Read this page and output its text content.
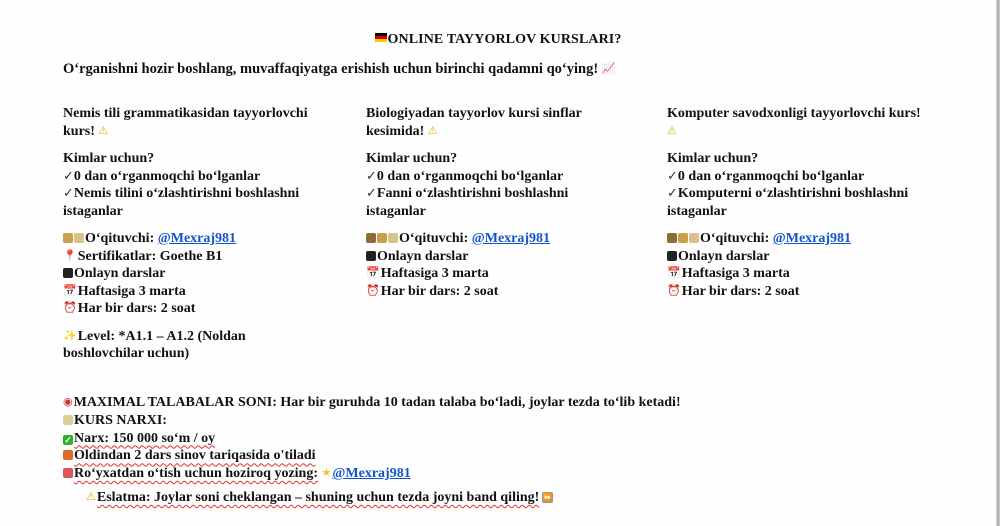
ONLINE TAYYORLOV KURSLARI?
O‘rganishni hozir boshlang, muvaffaqiyatga erishish uchun birinchi qadamni qo‘ying! 📈

Nemis tili grammatikasidan tayyorlovchi kurs! ⚠

Kimlar uchun?

✓0 dan o‘rganmoqchi bo‘lganlar

✓Nemis tilini o‘zlashtirishni boshlashni istaganlar

O‘qituvchi: @Mexraj981

📍Sertifikatlar: Goethe B1

Onlayn darslar

📅Haftasiga 3 marta

⏰Har bir dars: 2 soat

✨Level: *A1.1 – A1.2 (Noldan boshlovchilar uchun)

Biologiyadan tayyorlov kursi sinflar kesimida! ⚠

Kimlar uchun?

✓0 dan o‘rganmoqchi bo‘lganlar

✓Fanni o‘zlashtirishni boshlashni istaganlar

O‘qituvchi: @Mexraj981

Onlayn darslar

📅Haftasiga 3 marta

⏰Har bir dars: 2 soat

Komputer savodxonligi tayyorlovchi kurs! ⚠

Kimlar uchun?

✓0 dan o‘rganmoqchi bo‘lganlar

✓Komputerni o‘zlashtirishni boshlashni istaganlar

O‘qituvchi: @Mexraj981

Onlayn darslar

📅Haftasiga 3 marta

⏰Har bir dars: 2 soat

◉MAXIMAL TALABALAR SONI: Har bir guruhda 10 tadan talaba bo‘ladi, joylar tezda to‘lib ketadi!

KURS NARXI:

✓ Narx: 150 000 so‘m / oy

Oldindan 2 dars sinov tariqasida o'tiladi

Ro‘yxatdan o‘tish uchun hoziroq yozing: ★@Mexraj981

⚠Eslatma: Joylar soni cheklangan – shuning uchun tezda joyni band qiling! ⏩
